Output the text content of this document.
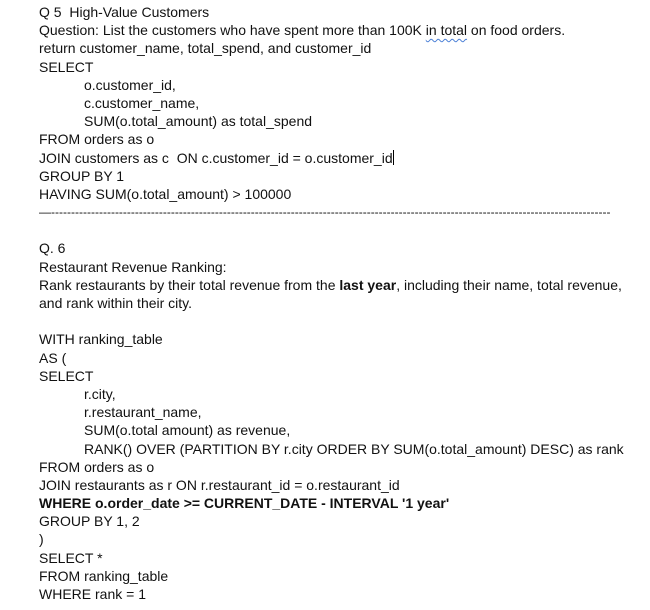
Q 5  High-Value Customers
Question: List the customers who have spent more than 100K in total on food orders.
return customer_name, total_spend, and customer_id
SELECT
o.customer_id,
c.customer_name,
SUM(o.total_amount) as total_spend
FROM orders as o
JOIN customers as c  ON c.customer_id = o.customer_id
GROUP BY 1
HAVING SUM(o.total_amount) > 100000
—--------------------------------------------------------------------------------------------------------------------------------------------
Q. 6
Restaurant Revenue Ranking:
Rank restaurants by their total revenue from the last year, including their name, total revenue,
and rank within their city.
WITH ranking_table
AS (
SELECT
r.city,
r.restaurant_name,
SUM(o.total amount) as revenue,
RANK() OVER (PARTITION BY r.city ORDER BY SUM(o.total_amount) DESC) as rank
FROM orders as o
JOIN restaurants as r ON r.restaurant_id = o.restaurant_id
WHERE o.order_date >= CURRENT_DATE - INTERVAL '1 year'
GROUP BY 1, 2
)
SELECT *
FROM ranking_table
WHERE rank = 1
